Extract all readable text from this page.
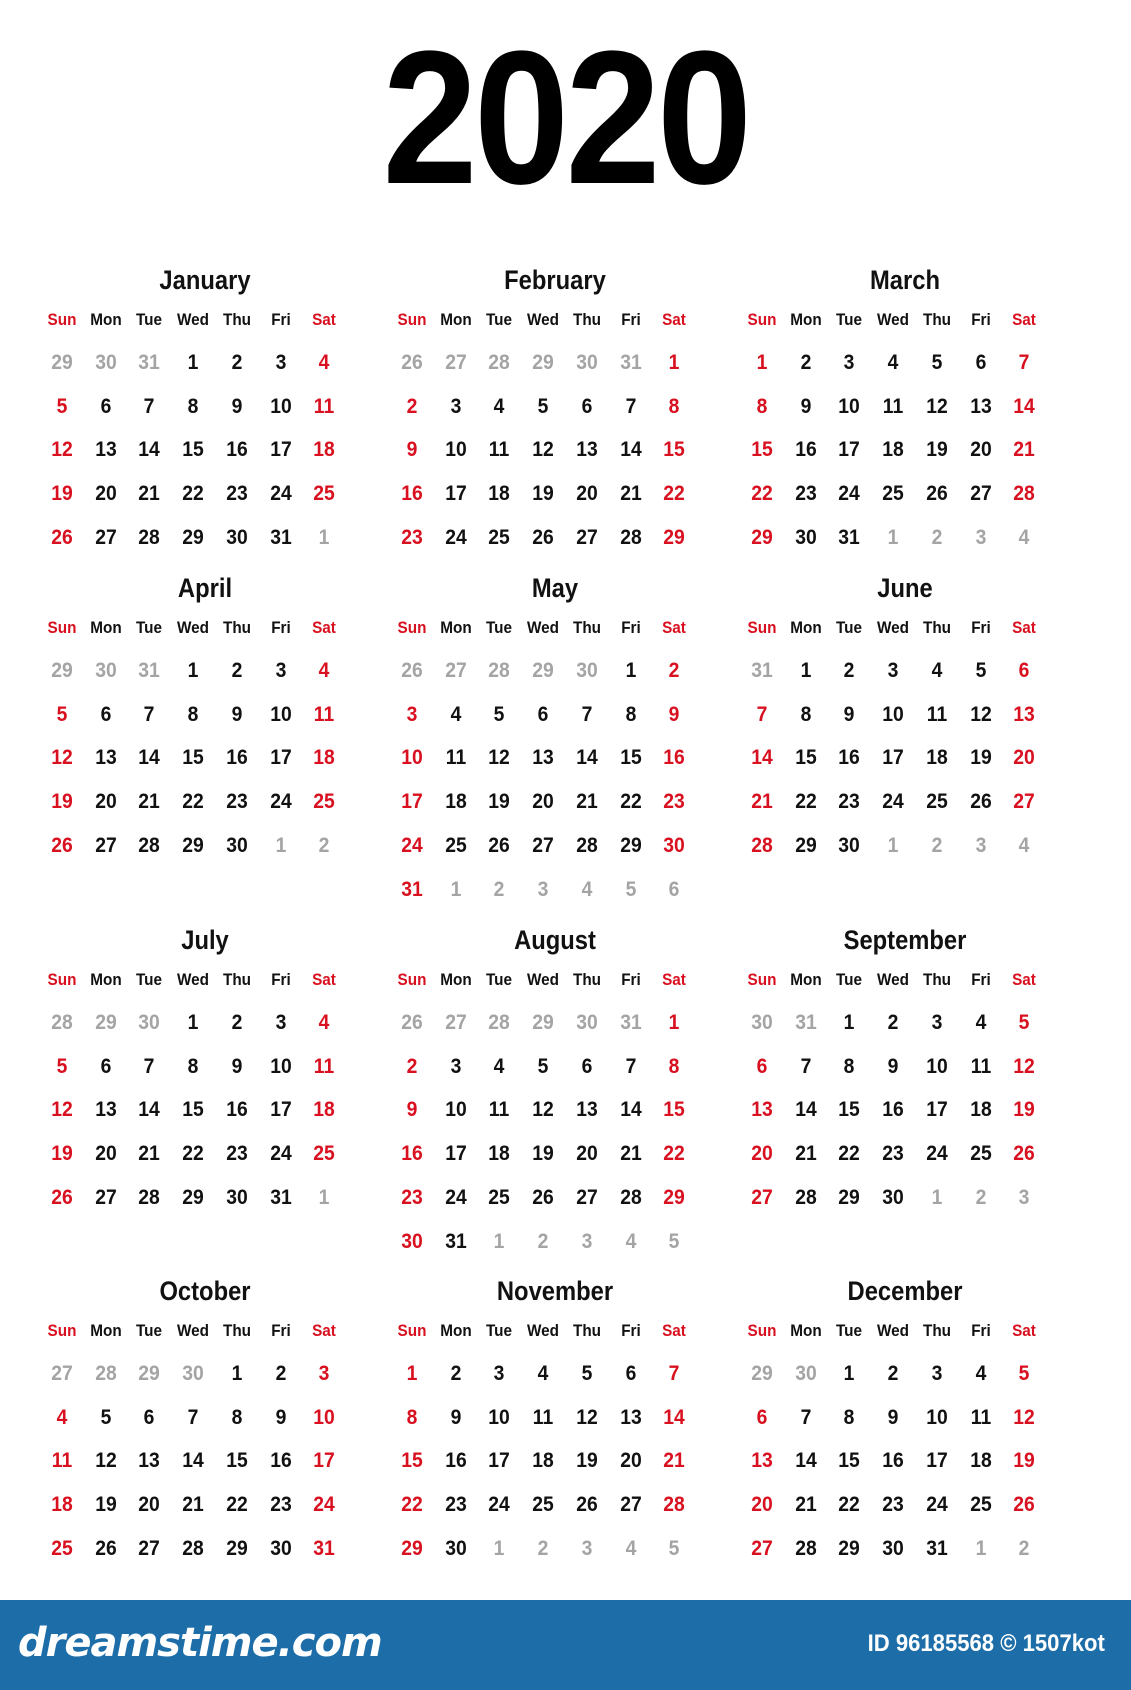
2020
January
Sun Mon Tue Wed Thu	Fri	Sat
29	30	31	1	2	3	4
5	6	7	8	9	10	11
12	13	14	15	16	17	18
19	20	21	22	23	24	25
26	27	28	29	30	31	1
February
Sun Mon Tue Wed Thu	Fri	Sat
26	27	28	29	30	31	1
2	3	4	5	6	7	8
9	10	11	12	13	14	15
16	17	18	19	20	21	22
23	24	25	26	27	28	29
March
Sun Mon Tue Wed Thu	Fri	Sat
1	2	3	4	5	6	7
8	9	10	11	12	13	14
15	16	17	18	19	20	21
22	23	24	25	26	27	28
29	30	31	1	2	3	4
April
Sun Mon Tue Wed Thu	Fri	Sat
29	30	31	1	2	3	4
5	6	7	8	9	10	11
12	13	14	15	16	17	18
19	20	21	22	23	24	25
26	27	28	29	30	1	2
May
Sun Mon Tue Wed Thu	Fri	Sat
26	27	28	29	30	1	2
3	4	5	6	7	8	9
10	11	12	13	14	15	16
17	18	19	20	21	22	23
24	25	26	27	28	29	30
31	1	2	3	4	5	6
June
Sun Mon Tue Wed Thu	Fri	Sat
31	1	2	3	4	5	6
7	8	9	10	11	12	13
14	15	16	17	18	19	20
21	22	23	24	25	26	27
28	29	30	1	2	3	4
July
Sun Mon Tue Wed Thu	Fri	Sat
28	29	30	1	2	3	4
5	6	7	8	9	10	11
12	13	14	15	16	17	18
19	20	21	22	23	24	25
26	27	28	29	30	31	1
August
Sun Mon Tue Wed Thu	Fri	Sat
26	27	28	29	30	31	1
2	3	4	5	6	7	8
9	10	11	12	13	14	15
16	17	18	19	20	21	22
23	24	25	26	27	28	29
30	31	1	2	3	4	5
September
Sun Mon Tue Wed Thu	Fri	Sat
30	31	1	2	3	4	5
6	7	8	9	10	11	12
13	14	15	16	17	18	19
20	21	22	23	24	25	26
27	28	29	30	1	2	3
October
Sun Mon Tue Wed Thu	Fri	Sat
27	28	29	30	1	2	3
4	5	6	7	8	9	10
11	12	13	14	15	16	17
18	19	20	21	22	23	24
25	26	27	28	29	30	31
November
Sun Mon Tue Wed Thu	Fri	Sat
1	2	3	4	5	6	7
8	9	10	11	12	13	14
15	16	17	18	19	20	21
22	23	24	25	26	27	28
29	30	1	2	3	4	5
December
Sun Mon Tue Wed Thu	Fri	Sat
29	30	1	2	3	4	5
6	7	8	9	10	11	12
13	14	15	16	17	18	19
20	21	22	23	24	25	26
27	28	29	30	31	1	2
dreamstime.com	ID 96185568 © 1507kot
